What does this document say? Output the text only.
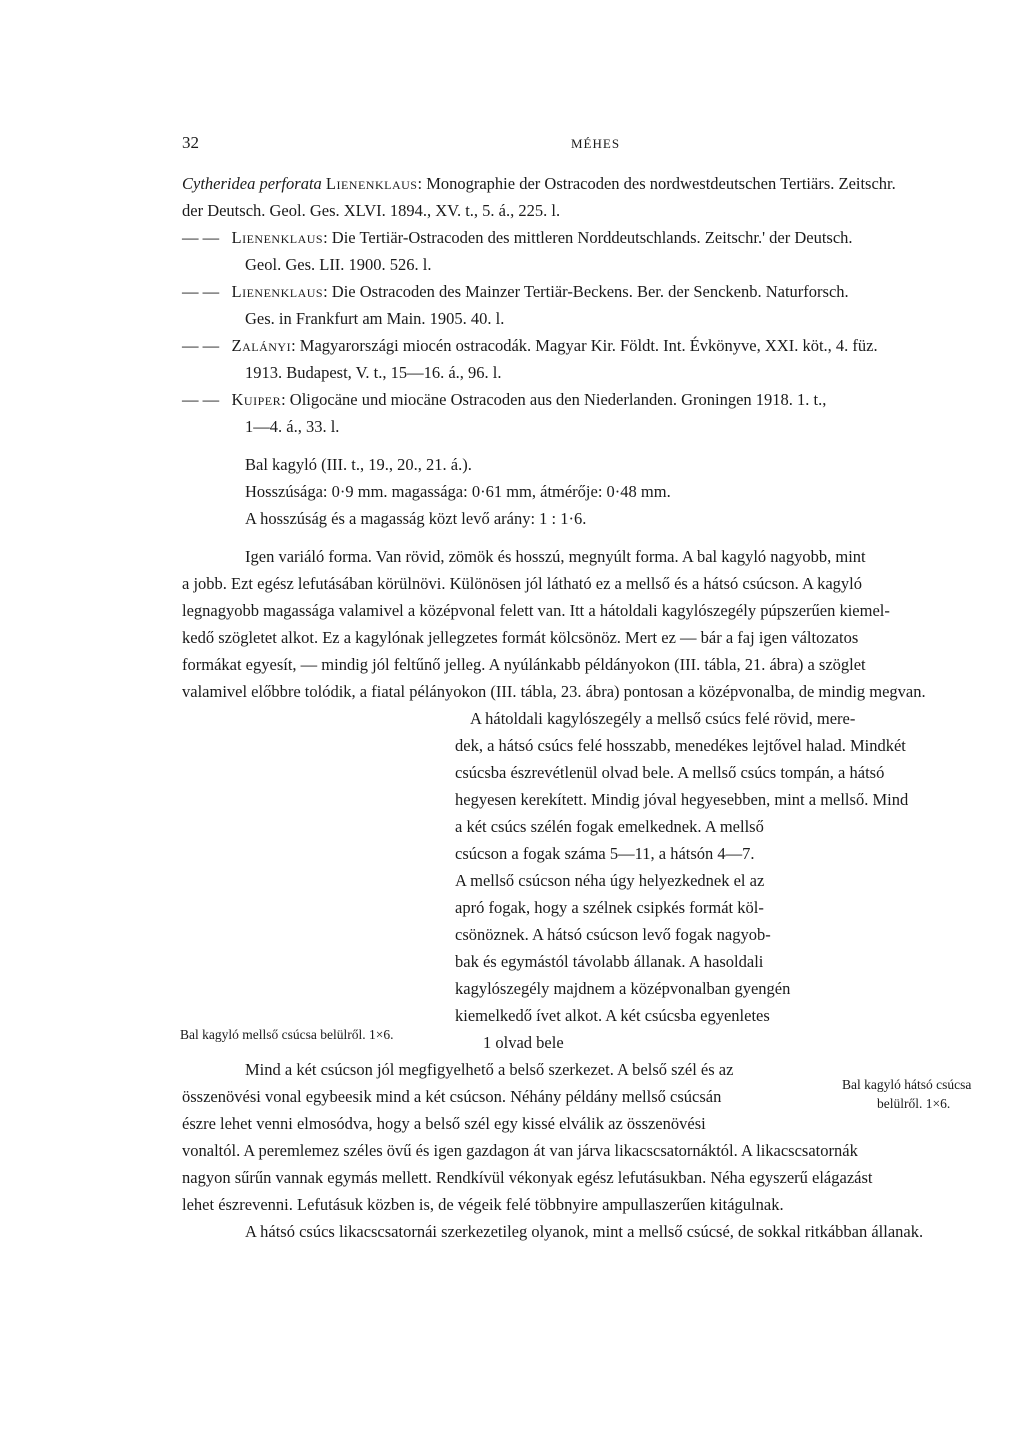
32	MÉHES
Cytheridea perforata Lienenklaus: Monographie der Ostracoden des nordwestdeutschen Tertiärs. Zeitschr.
der Deutsch. Geol. Ges. XLVI. 1894., XV. t., 5. á., 225. l.
— — Lienenklaus: Die Tertiär-Ostracoden des mittleren Norddeutschlands. Zeitschr.' der Deutsch.
Geol. Ges. LII. 1900. 526. l.
— — Lienenklaus: Die Ostracoden des Mainzer Tertiär-Beckens. Ber. der Senckenb. Naturforsch.
Ges. in Frankfurt am Main. 1905. 40. l.
— — Zalányi: Magyarországi miocén ostracodák. Magyar Kir. Földt. Int. Évkönyve, XXI. köt., 4. füz.
1913. Budapest, V. t., 15—16. á., 96. l.
— — Kuiper: Oligocäne und miocäne Ostracoden aus den Niederlanden. Groningen 1918. 1. t.,
1—4. á., 33. l.
Bal kagyló (III. t., 19., 20., 21. á.).
Hosszúsága: 0·9 mm. magassága: 0·61 mm, átmérője: 0·48 mm.
A hosszúság és a magasság közt levő arány: 1 : 1·6.
Igen variáló forma. Van rövid, zömök és hosszú, megnyúlt forma. A bal kagyló nagyobb, mint
a jobb. Ezt egész lefutásában körülnövi. Különösen jól látható ez a mellső és a hátsó csúcson. A kagyló
legnagyobb magassága valamivel a középvonal felett van. Itt a hátoldali kagylószegély púpszerűen kiemel-
kedő szögletet alkot. Ez a kagylónak jellegzetes formát kölcsönöz. Mert ez — bár a faj igen változatos
formákat egyesít, — mindig jól feltűnő jelleg. A nyúlánkabb példányokon (III. tábla, 21. ábra) a szöglet
valamivel előbbre tolódik, a fiatal pélányokon (III. tábla, 23. ábra) pontosan a középvonalba, de mindig megvan.
A hátoldali kagylószegély a mellső csúcs felé rövid, mere-
dek, a hátsó csúcs felé hosszabb, menedékes lejtővel halad. Mindkét
csúcsba észrevétlenül olvad bele. A mellső csúcs tompán, a hátsó
hegyesen kerekített. Mindig jóval hegyesebben, mint a mellső. Mind
a két csúcs szélén fogak emelkednek. A mellső
csúcson a fogak száma 5—11, a hátsón 4—7.
A mellső csúcson néha úgy helyezkednek el az
apró fogak, hogy a szélnek csipkés formát köl-
csönöznek. A hátsó csúcson levő fogak nagyob-
bak és egymástól távolabb állanak. A hasoldali
kagylószegély majdnem a középvonalban gyengén
kiemelkedő ívet alkot. A két csúcsba egyenletes
1 olvad bele
Bal kagyló mellső csúcsa belülről. 1×6.
Mind a két csúcson jól megfigyelhető a belső szerkezet. A belső szél és az
összenövési vonal egybeesik mind a két csúcson. Néhány példány mellső csúcsán
észre lehet venni elmosódva, hogy a belső szél egy kissé elválik az összenövési
vonaltól. A peremlemez széles övű és igen gazdagon át van járva likacscsatornáktól. A likacscsatornák
nagyon sűrűn vannak egymás mellett. Rendkívül vékonyak egész lefutásukban. Néha egyszerű elágazást
lehet észrevenni. Lefutásuk közben is, de végeik felé többnyire ampullaszerűen kitágulnak.
A hátsó csúcs likacscsatornái szerkezetileg olyanok, mint a mellső csúcsé, de sokkal ritkábban állanak.
Bal kagyló hátsó csúcsa
belülről. 1×6.
